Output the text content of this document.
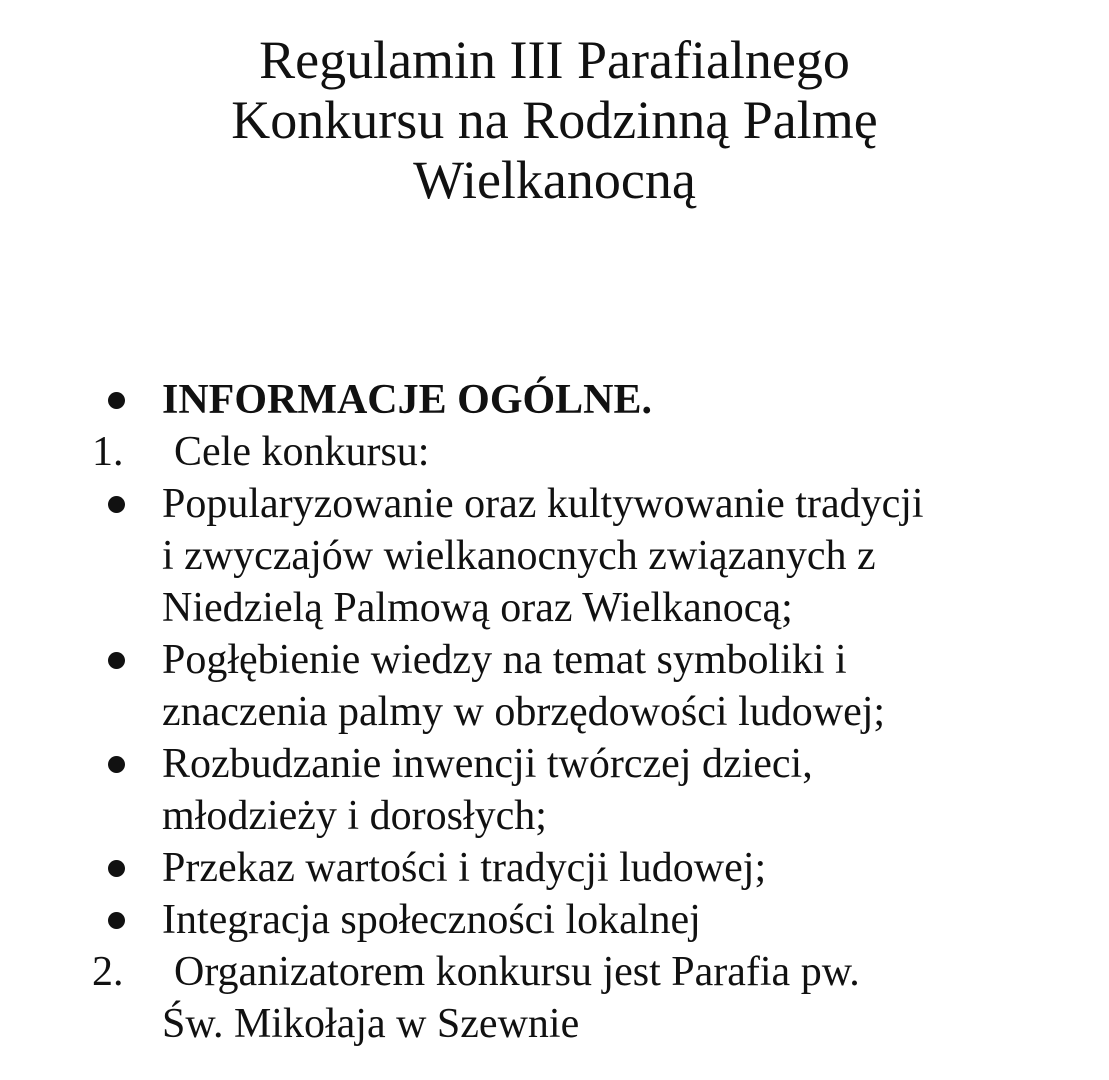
Regulamin III Parafialnego
Konkursu na Rodzinną Palmę
Wielkanocną
INFORMACJE OGÓLNE.
1. Cele konkursu:
Popularyzowanie oraz kultywowanie tradycji
i zwyczajów wielkanocnych związanych z
Niedzielą Palmową oraz Wielkanocą;
Pogłębienie wiedzy na temat symboliki i
znaczenia palmy w obrzędowości ludowej;
Rozbudzanie inwencji twórczej dzieci,
młodzieży i dorosłych;
Przekaz wartości i tradycji ludowej;
Integracja społeczności lokalnej
2. Organizatorem konkursu jest Parafia pw.
Św. Mikołaja w Szewnie
